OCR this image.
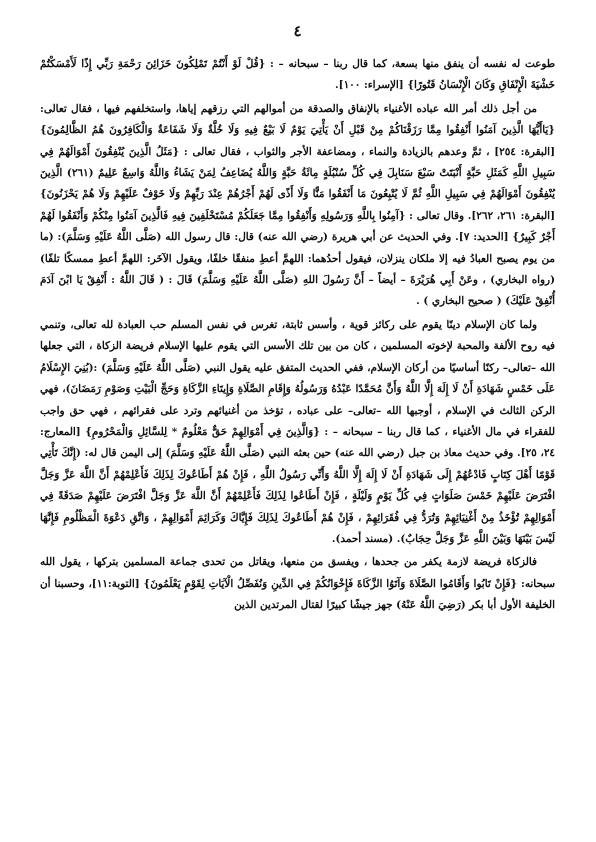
٤

طوعت له نفسه أن ينفق منها بسعة، كما قال ربنا – سبحانه – : {قُلْ لَوْ أَنْتُمْ تَمْلِكُونَ خَزَائِنَ رَحْمَةِ رَبِّي إِذًا لَأَمْسَكْتُمْ خَشْيَةَ الْإِنْفَاقِ وَكَانَ الْإِنْسَانُ قَتُورًا} [الإسراء: ١٠٠].

من أجل ذلك أمر الله عباده الأغنياء بالإنفاق والصدقة من أموالهم التي رزقهم إياها، واستخلفهم فيها ، فقال تعالى: {يَاأَيُّهَا الَّذِينَ آمَنُوا أَنْفِقُوا مِمَّا رَزَقْنَاكُمْ مِنْ قَبْلِ أَنْ يَأْتِيَ يَوْمٌ لَا بَيْعٌ فِيهِ وَلَا خُلَّةٌ وَلَا شَفَاعَةٌ وَالْكَافِرُونَ هُمُ الظَّالِمُونَ} [البقرة: ٢٥٤] ، ثمَّ وعدهم بالزيادة والنماء ، ومضاعفة الأجر والثواب ، فقال تعالى : {مَثَلُ الَّذِينَ يُنْفِقُونَ أَمْوَالَهُمْ فِي سَبِيلِ اللَّهِ كَمَثَلِ حَبَّةٍ أَنْبَتَتْ سَبْعَ سَنَابِلَ فِي كُلِّ سُنْبُلَةٍ مِائَةُ حَبَّةٍ وَاللَّهُ يُضَاعِفُ لِمَنْ يَشَاءُ وَاللَّهُ وَاسِعٌ عَلِيمٌ (٢٦١) الَّذِينَ يُنْفِقُونَ أَمْوَالَهُمْ فِي سَبِيلِ اللَّهِ ثُمَّ لَا يُتْبِعُونَ مَا أَنْفَقُوا مَنًّا وَلَا أَذًى لَهُمْ أَجْرُهُمْ عِنْدَ رَبِّهِمْ وَلَا خَوْفٌ عَلَيْهِمْ وَلَا هُمْ يَحْزَنُونَ} [البقرة: ٢٦١، ٢٦٢]. وقال تعالى : {آمِنُوا بِاللَّهِ وَرَسُولِهِ وَأَنْفِقُوا مِمَّا جَعَلَكُمْ مُسْتَخْلَفِينَ فِيهِ فَالَّذِينَ آمَنُوا مِنْكُمْ وَأَنْفَقُوا لَهُمْ أَجْرٌ كَبِيرٌ} [الحديد: ٧]. وفي الحديث عن أبي هريرة (رضي الله عنه) قال: قال رسول الله (صَلَّى اللَّهُ عَلَيْهِ وَسَلَّمَ): (ما من يوم يصبح العبادُ فيه إلا ملكان ينزلان، فيقول أحدُهما: اللهمَّ أعطِ منفقًا خلفًا، ويقول الآخَر: اللهمَّ أعطِ ممسكًا تلفًا) (رواه البخاري) ، وعَنْ أَبِي هُرَيْرَةَ – أيضاً – أَنَّ رَسُولَ اللهِ (صَلَّى اللَّهُ عَلَيْهِ وَسَلَّمَ) قَالَ : ( قَالَ اللَّهُ : أَنْفِقْ يَا ابْنَ آدَمَ أُنْفِقْ عَلَيْكَ) ( صحيح البخاري ) .

ولما كان الإسلام دينًا يقوم على ركائز قوية ، وأسس ثابتة، تغرس في نفس المسلم حب العبادة لله تعالى، وتنمي فيه روح الألفة والمحبة لإخوته المسلمين ، كان من بين تلك الأسس التي يقوم عليها الإسلام فريضة الزكاة ، التي جعلها الله –تعالى– ركنًا أساسيًا من أركان الإسلام، ففي الحديث المتفق عليه يقول النبي (صَلَّى اللَّهُ عَلَيْهِ وَسَلَّمَ) :(بُنِيَ الإِسْلَامُ عَلَى خَمْسٍ شَهَادَةِ أَنْ لَا إِلَهَ إِلَّا اللَّهُ وَأَنَّ مُحَمَّدًا عَبْدُهُ وَرَسُولُهُ وَإِقَامِ الصَّلَاةِ وَإِيتَاءِ الزَّكَاةِ وَحَجِّ الْبَيْتِ وَصَوْمِ رَمَضَانَ)، فهي الركن الثالث في الإسلام ، أوجبها الله –تعالى– على عباده ، تؤخذ من أغنيائهم وترد على فقرائهم ، فهي حق واجب للفقراء في مال الأغنياء ، كما قال ربنا – سبحانه – : {وَالَّذِينَ فِي أَمْوَالِهِمْ حَقٌّ مَعْلُومٌ * لِلسَّائِلِ وَالْمَحْرُومِ} [المعارج: ٢٤، ٢٥]. وفي حديث معاذ بن جبل (رضي الله عنه) حين بعثه النبي (صَلَّى اللَّهُ عَلَيْهِ وَسَلَّمَ) إلى اليمن قال له: (إِنَّكَ تَأْتِي قَوْمًا أَهْلَ كِتَابٍ فَادْعُهُمْ إِلَى شَهَادَةِ أَنْ لَا إِلَهَ إِلَّا اللَّهُ وَأَنِّي رَسُولُ اللَّهِ ، فَإِنْ هُمْ أَطَاعُوكَ لِذَلِكَ فَأَعْلِمْهُمْ أَنَّ اللَّهَ عَزَّ وَجَلَّ افْتَرَضَ عَلَيْهِمْ خَمْسَ صَلَوَاتٍ فِي كُلِّ يَوْمٍ وَلَيْلَةٍ ، فَإِنْ أَطَاعُوا لِذَلِكَ فَأَعْلِمْهُمْ أَنَّ اللَّهَ عَزَّ وَجَلَّ افْتَرَضَ عَلَيْهِمْ صَدَقَةً فِي أَمْوَالِهِمْ تُؤْخَذُ مِنْ أَغْنِيَائِهِمْ وَتُرَدُّ فِي فُقَرَائِهِمْ ، فَإِنْ هُمْ أَطَاعُوكَ لِذَلِكَ فَإِيَّاكَ وَكَرَائِمَ أَمْوَالِهِمْ ، وَاتَّقِ دَعْوَةَ الْمَظْلُومِ فَإِنَّهَا لَيْسَ بَيْنَهَا وَبَيْنَ اللَّهِ عَزَّ وَجَلَّ حِجَابٌ). (مسند أحمد).

فالزكاة فريضة لازمة يكفر من جحدها ، ويفسق من منعها، ويقاتل من تحدى جماعة المسلمين بتركها ، يقول الله سبحانه: {فَإِنْ تَابُوا وَأَقَامُوا الصَّلَاةَ وَآتَوُا الزَّكَاةَ فَإِخْوَانُكُمْ فِي الدِّينِ وَنُفَصِّلُ الْآيَاتِ لِقَوْمٍ يَعْلَمُونَ} [التوبة:١١]، وحسبنا أن الخليفة الأول أبا بكر (رَضِيَ اللَّهُ عَنْهُ) جهز جيشًا كبيرًا لقتال المرتدين الذين
